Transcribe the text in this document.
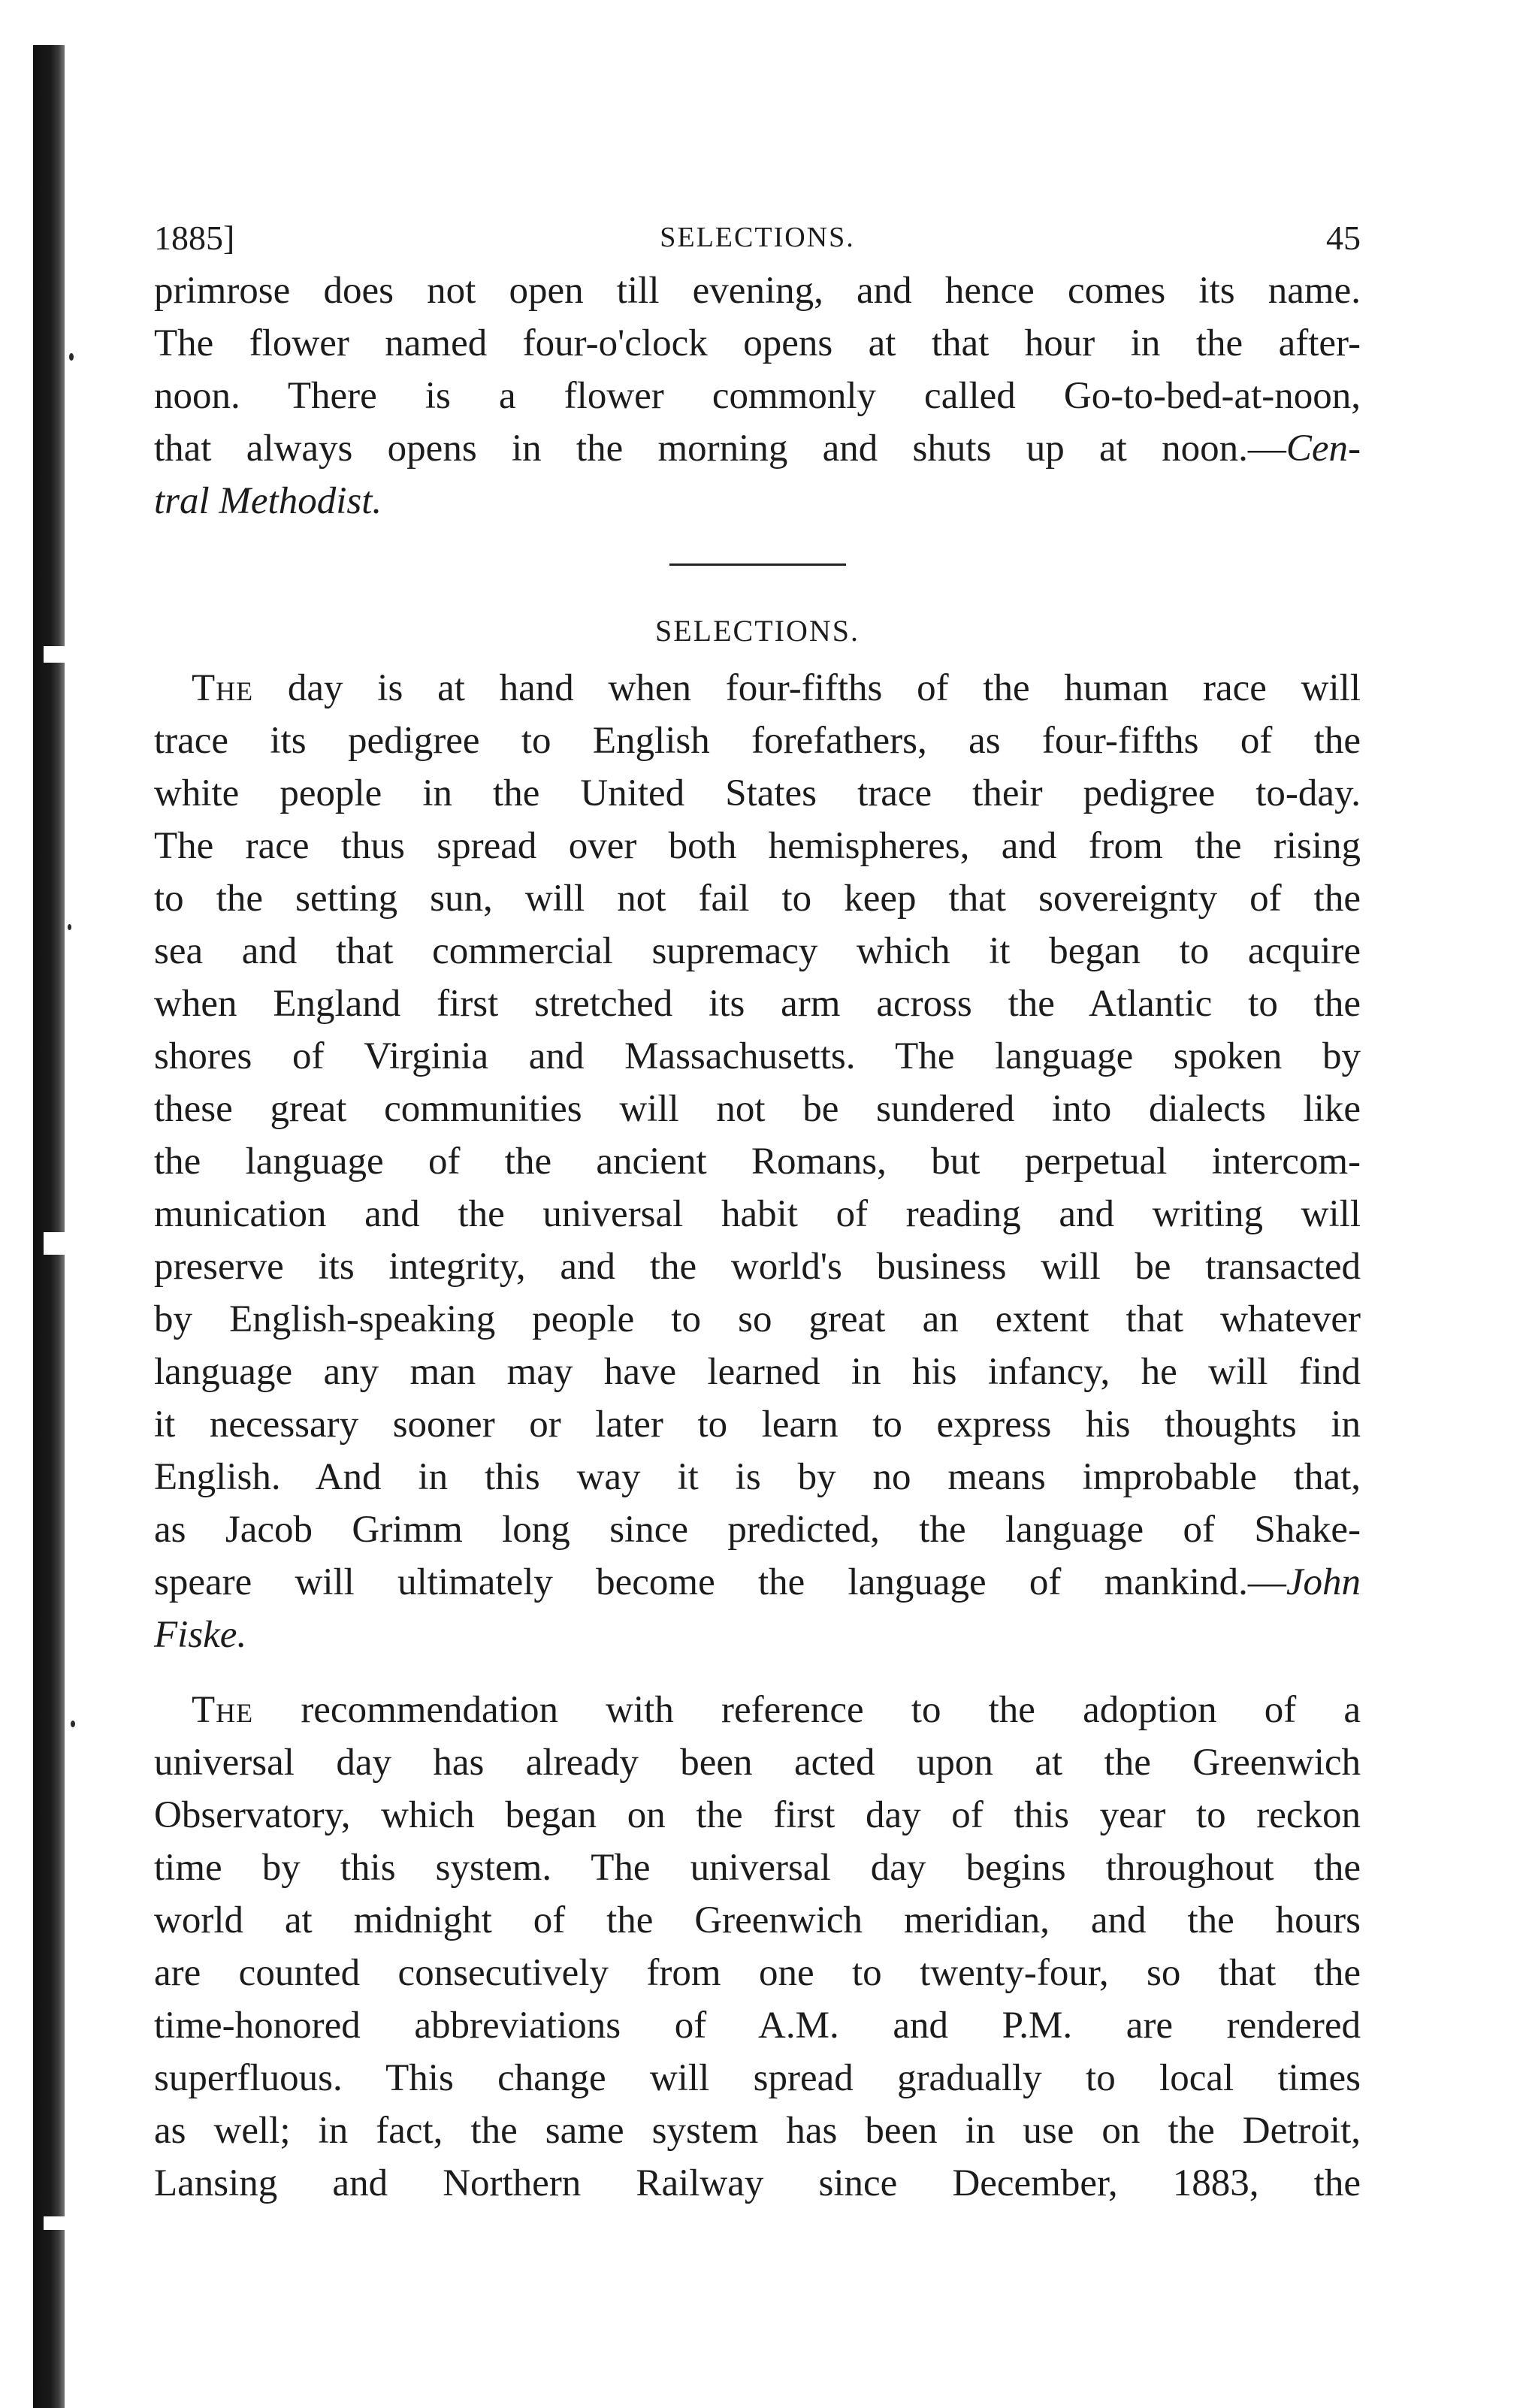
1885]	SELECTIONS.	45
primrose does not open till evening, and hence comes its name.
The flower named four-o'clock opens at that hour in the after-
noon. There is a flower commonly called Go-to-bed-at-noon,
that always opens in the morning and shuts up at noon.—Cen-
tral Methodist.
SELECTIONS.
The day is at hand when four-fifths of the human race will
trace its pedigree to English forefathers, as four-fifths of the
white people in the United States trace their pedigree to-day.
The race thus spread over both hemispheres, and from the rising
to the setting sun, will not fail to keep that sovereignty of the
sea and that commercial supremacy which it began to acquire
when England first stretched its arm across the Atlantic to the
shores of Virginia and Massachusetts. The language spoken by
these great communities will not be sundered into dialects like
the language of the ancient Romans, but perpetual intercom-
munication and the universal habit of reading and writing will
preserve its integrity, and the world's business will be transacted
by English-speaking people to so great an extent that whatever
language any man may have learned in his infancy, he will find
it necessary sooner or later to learn to express his thoughts in
English. And in this way it is by no means improbable that,
as Jacob Grimm long since predicted, the language of Shake-
speare will ultimately become the language of mankind.—John
Fiske.
The recommendation with reference to the adoption of a
universal day has already been acted upon at the Greenwich
Observatory, which began on the first day of this year to reckon
time by this system. The universal day begins throughout the
world at midnight of the Greenwich meridian, and the hours
are counted consecutively from one to twenty-four, so that the
time-honored abbreviations of A.M. and P.M. are rendered
superfluous. This change will spread gradually to local times
as well; in fact, the same system has been in use on the Detroit,
Lansing and Northern Railway since December, 1883, the
